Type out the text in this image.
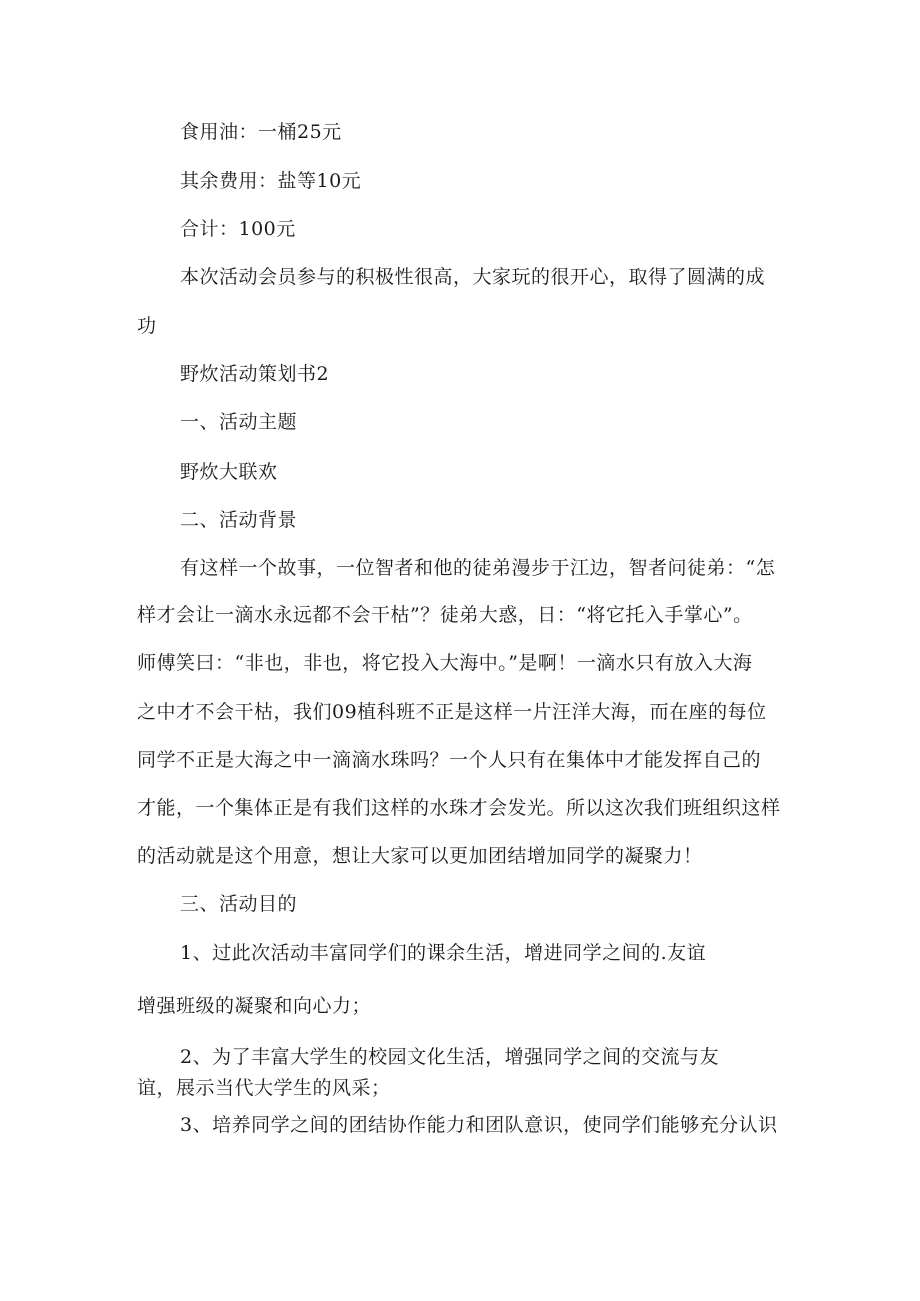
食用油：一桶25元
其余费用：盐等10元
合计：100元
本次活动会员参与的积极性很高，大家玩的很开心，取得了圆满的成
功
野炊活动策划书2
一、活动主题
野炊大联欢
二、活动背景
有这样一个故事，一位智者和他的徒弟漫步于江边，智者问徒弟：“怎
样才会让一滴水永远都不会干枯”？徒弟大惑，日：“将它托入手掌心”。
师傅笑曰：“非也，非也，将它投入大海中。”是啊！一滴水只有放入大海
之中才不会干枯，我们09植科班不正是这样一片汪洋大海，而在座的每位
同学不正是大海之中一滴滴水珠吗？一个人只有在集体中才能发挥自己的
才能，一个集体正是有我们这样的水珠才会发光。所以这次我们班组织这样
的活动就是这个用意，想让大家可以更加团结增加同学的凝聚力！
三、活动目的
1、过此次活动丰富同学们的课余生活，增进同学之间的.友谊
增强班级的凝聚和向心力；
2、为了丰富大学生的校园文化生活，增强同学之间的交流与友
谊，展示当代大学生的风采；
3、培养同学之间的团结协作能力和团队意识，使同学们能够充分认识
